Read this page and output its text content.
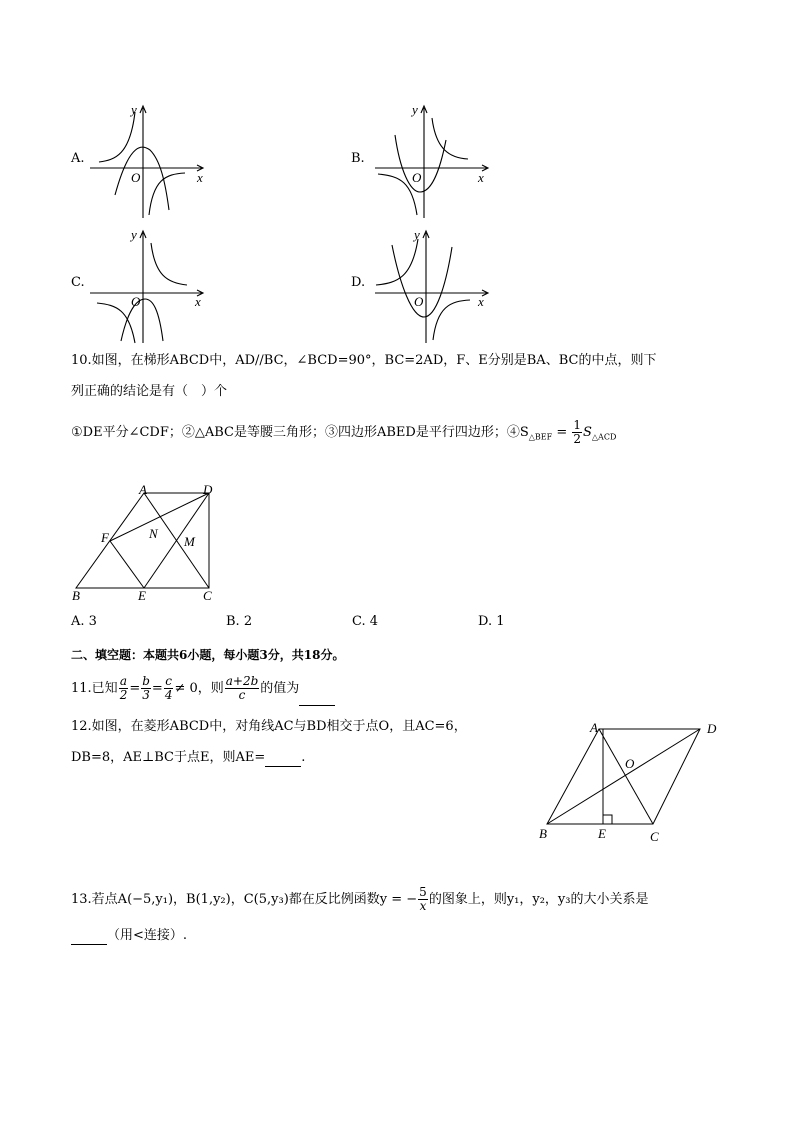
A.
x
y
O
B.
x
y
O
C.
x
y
O
D.
x
y
O
10.如图，在梯形ABCD中，AD//BC，∠BCD=90°，BC=2AD，F、E分别是BA、BC的中点，则下
列正确的结论是有（　）个
①DE平分∠CDF；②△ABC是等腰三角形；③四边形ABED是平行四边形；$④S_{\triangle BEF} = \frac{1}{2} S_{\triangle ACD}$
A	D
F	N
M
B	E	C
A. 3	B. 2	C. 4	D. 1
二、填空题：本题共6小题，每小题3分，共18分。
11.已知 $\frac{a}{2} = \frac{b}{3} = \frac{c}{4} \ne 0$，则 $\frac{a+2b}{c}$ 的值为
12.如图，在菱形ABCD中，对角线AC与BD相交于点O，且AC=6，
DB=8，AE⊥BC于点E，则AE=	.
A	D
O
B	E	C
13.若点A(−5,y₁)，B(1,y₂)，C(5,y₃)都在反比例函数y = − $\frac{5}{x}$ 的图象上，则y₁，y₂，y₃的大小关系是
（用<连接）.
